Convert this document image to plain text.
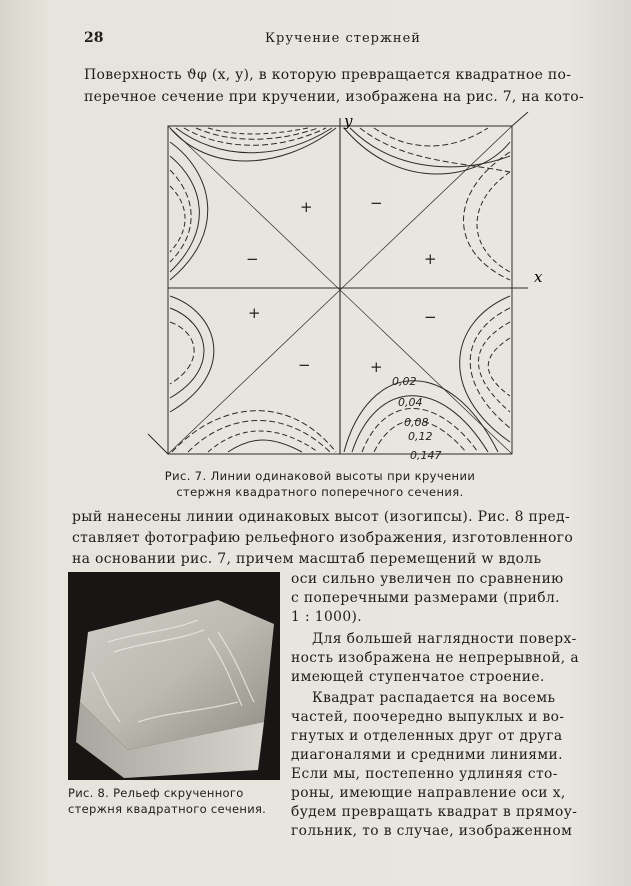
28	Кручение стержней
Поверхность ϑφ (x, y), в которую превращается квадратное по-
перечное сечение при кручении, изображена на рис. 7, на кото-
y
x
+	−
+
−
+	−
+
−
0,02
0,04
0,08
0,12
0,147
Рис. 7. Линии одинаковой высоты при кручении
стержня квадратного поперечного сечения.
рый нанесены линии одинаковых высот (изогипсы). Рис. 8 пред-
ставляет фотографию рельефного изображения, изготовленного
на основании рис. 7, причем масштаб перемещений w вдоль
Рис. 8. Рельеф скрученного
стержня квадратного сечения.
оси сильно увеличен по сравнению
с поперечными размерами (прибл.
1 : 1000).
Для большей наглядности поверх-
ность изображена не непрерывной, а
имеющей ступенчатое строение.
Квадрат распадается на восемь
частей, поочередно выпуклых и во-
гнутых и отделенных друг от друга
диагоналями и средними линиями.
Если мы, постепенно удлиняя сто-
роны, имеющие направление оси x,
будем превращать квадрат в прямоу-
гольник, то в случае, изображенном
